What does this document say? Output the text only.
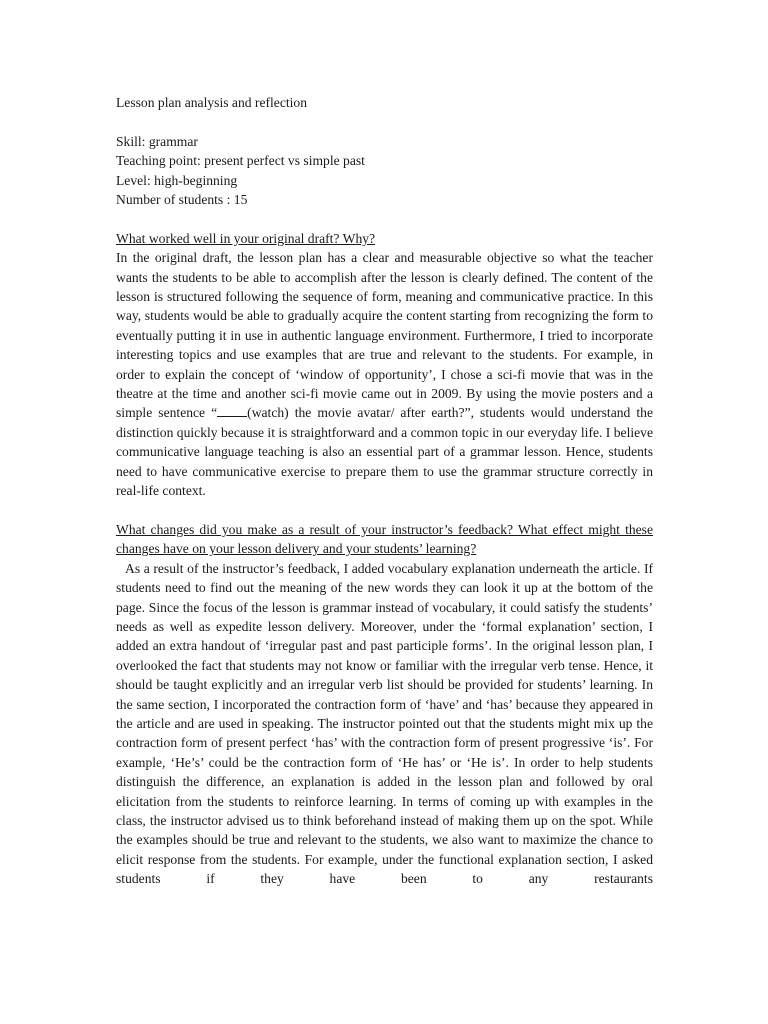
Lesson plan analysis and reflection
Skill: grammar
Teaching point: present perfect vs simple past
Level: high-beginning
Number of students : 15
What worked well in your original draft? Why?

In the original draft, the lesson plan has a clear and measurable objective so what the teacher wants the students to be able to accomplish after the lesson is clearly defined. The content of the lesson is structured following the sequence of form, meaning and communicative practice. In this way, students would be able to gradually acquire the content starting from recognizing the form to eventually putting it in use in authentic language environment. Furthermore, I tried to incorporate interesting topics and use examples that are true and relevant to the students. For example, in order to explain the concept of ‘window of opportunity’, I chose a sci-fi movie that was in the theatre at the time and another sci-fi movie came out in 2009. By using the movie posters and a simple sentence “ (watch) the movie avatar/ after earth?”, students would understand the distinction quickly because it is straightforward and a common topic in our everyday life. I believe communicative language teaching is also an essential part of a grammar lesson. Hence, students need to have communicative exercise to prepare them to use the grammar structure correctly in real-life context.

What changes did you make as a result of your instructor’s feedback? What effect might these changes have on your lesson delivery and your students’ learning?

As a result of the instructor’s feedback, I added vocabulary explanation underneath the article. If students need to find out the meaning of the new words they can look it up at the bottom of the page. Since the focus of the lesson is grammar instead of vocabulary, it could satisfy the students’ needs as well as expedite lesson delivery. Moreover, under the ‘formal explanation’ section, I added an extra handout of ‘irregular past and past participle forms’. In the original lesson plan, I overlooked the fact that students may not know or familiar with the irregular verb tense. Hence, it should be taught explicitly and an irregular verb list should be provided for students’ learning. In the same section, I incorporated the contraction form of ‘have’ and ‘has’ because they appeared in the article and are used in speaking. The instructor pointed out that the students might mix up the contraction form of present perfect ‘has’ with the contraction form of present progressive ‘is’. For example, ‘He’s’ could be the contraction form of ‘He has’ or ‘He is’. In order to help students distinguish the difference, an explanation is added in the lesson plan and followed by oral elicitation from the students to reinforce learning. In terms of coming up with examples in the class, the instructor advised us to think beforehand instead of making them up on the spot. While the examples should be true and relevant to the students, we also want to maximize the chance to elicit response from the students. For example, under the functional explanation section, I asked students if they have been to any restaurants
